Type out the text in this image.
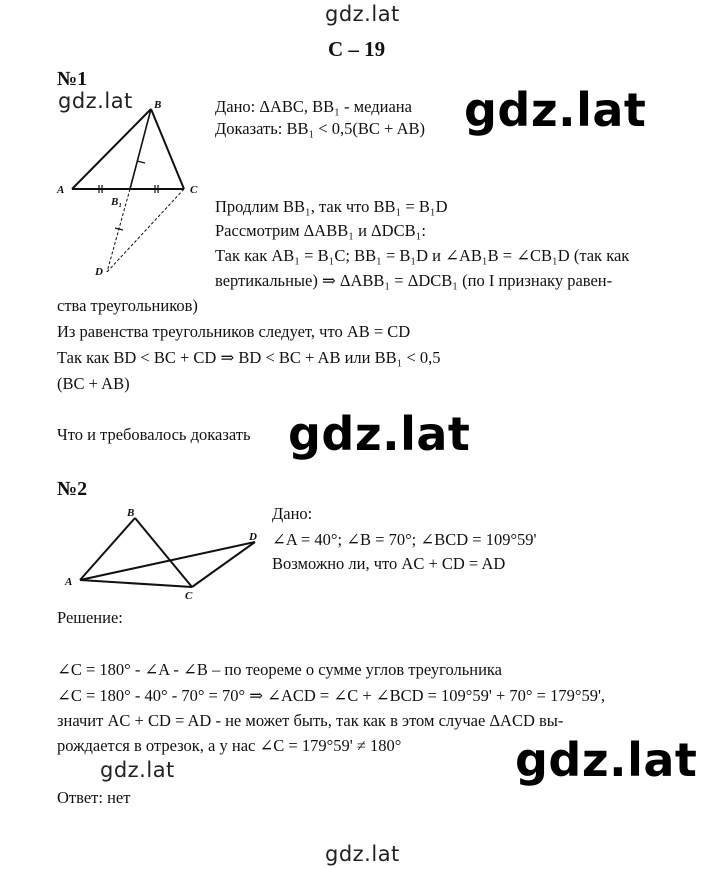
gdz.lat
gdz.lat
gdz.lat
gdz.lat
С – 19
№1
A
B
C
B₁
D
Дано: ΔABC, BB₁ - медиана
Доказать: BB₁ < 0,5(BC + AB) gdz.lat
Продлим BB₁, так что BB₁ = B₁D
Рассмотрим ΔABB₁ и ΔDCB₁:
Так как AB₁ = B₁C; BB₁ = B₁D и ∠AB₁B = ∠CB₁D (так как
вертикальные) ⇒ ΔABB₁ = ΔDCB₁ (по I признаку равен-
ства треугольников)
Из равенства треугольников следует, что AB = CD
Так как BD < BC + CD ⇒ BD < BC + AB или BB₁ < 0,5
(BC + AB)
Что и требовалось доказать gdz.lat
№2
A
B
C
D
Дано:
∠A = 40°; ∠B = 70°; ∠BCD = 109°59'
Возможно ли, что AC + CD = AD
Решение:
∠C = 180° - ∠A - ∠B – по теореме о сумме углов треугольника
∠C = 180° - 40° - 70° = 70° ⇒ ∠ACD = ∠C + ∠BCD = 109°59' + 70° = 179°59',
значит AC + CD = AD - не может быть, так как в этом случае ΔACD вы-
рождается в отрезок, а у нас ∠C = 179°59' ≠ 180° gdz.lat
Ответ: нет
